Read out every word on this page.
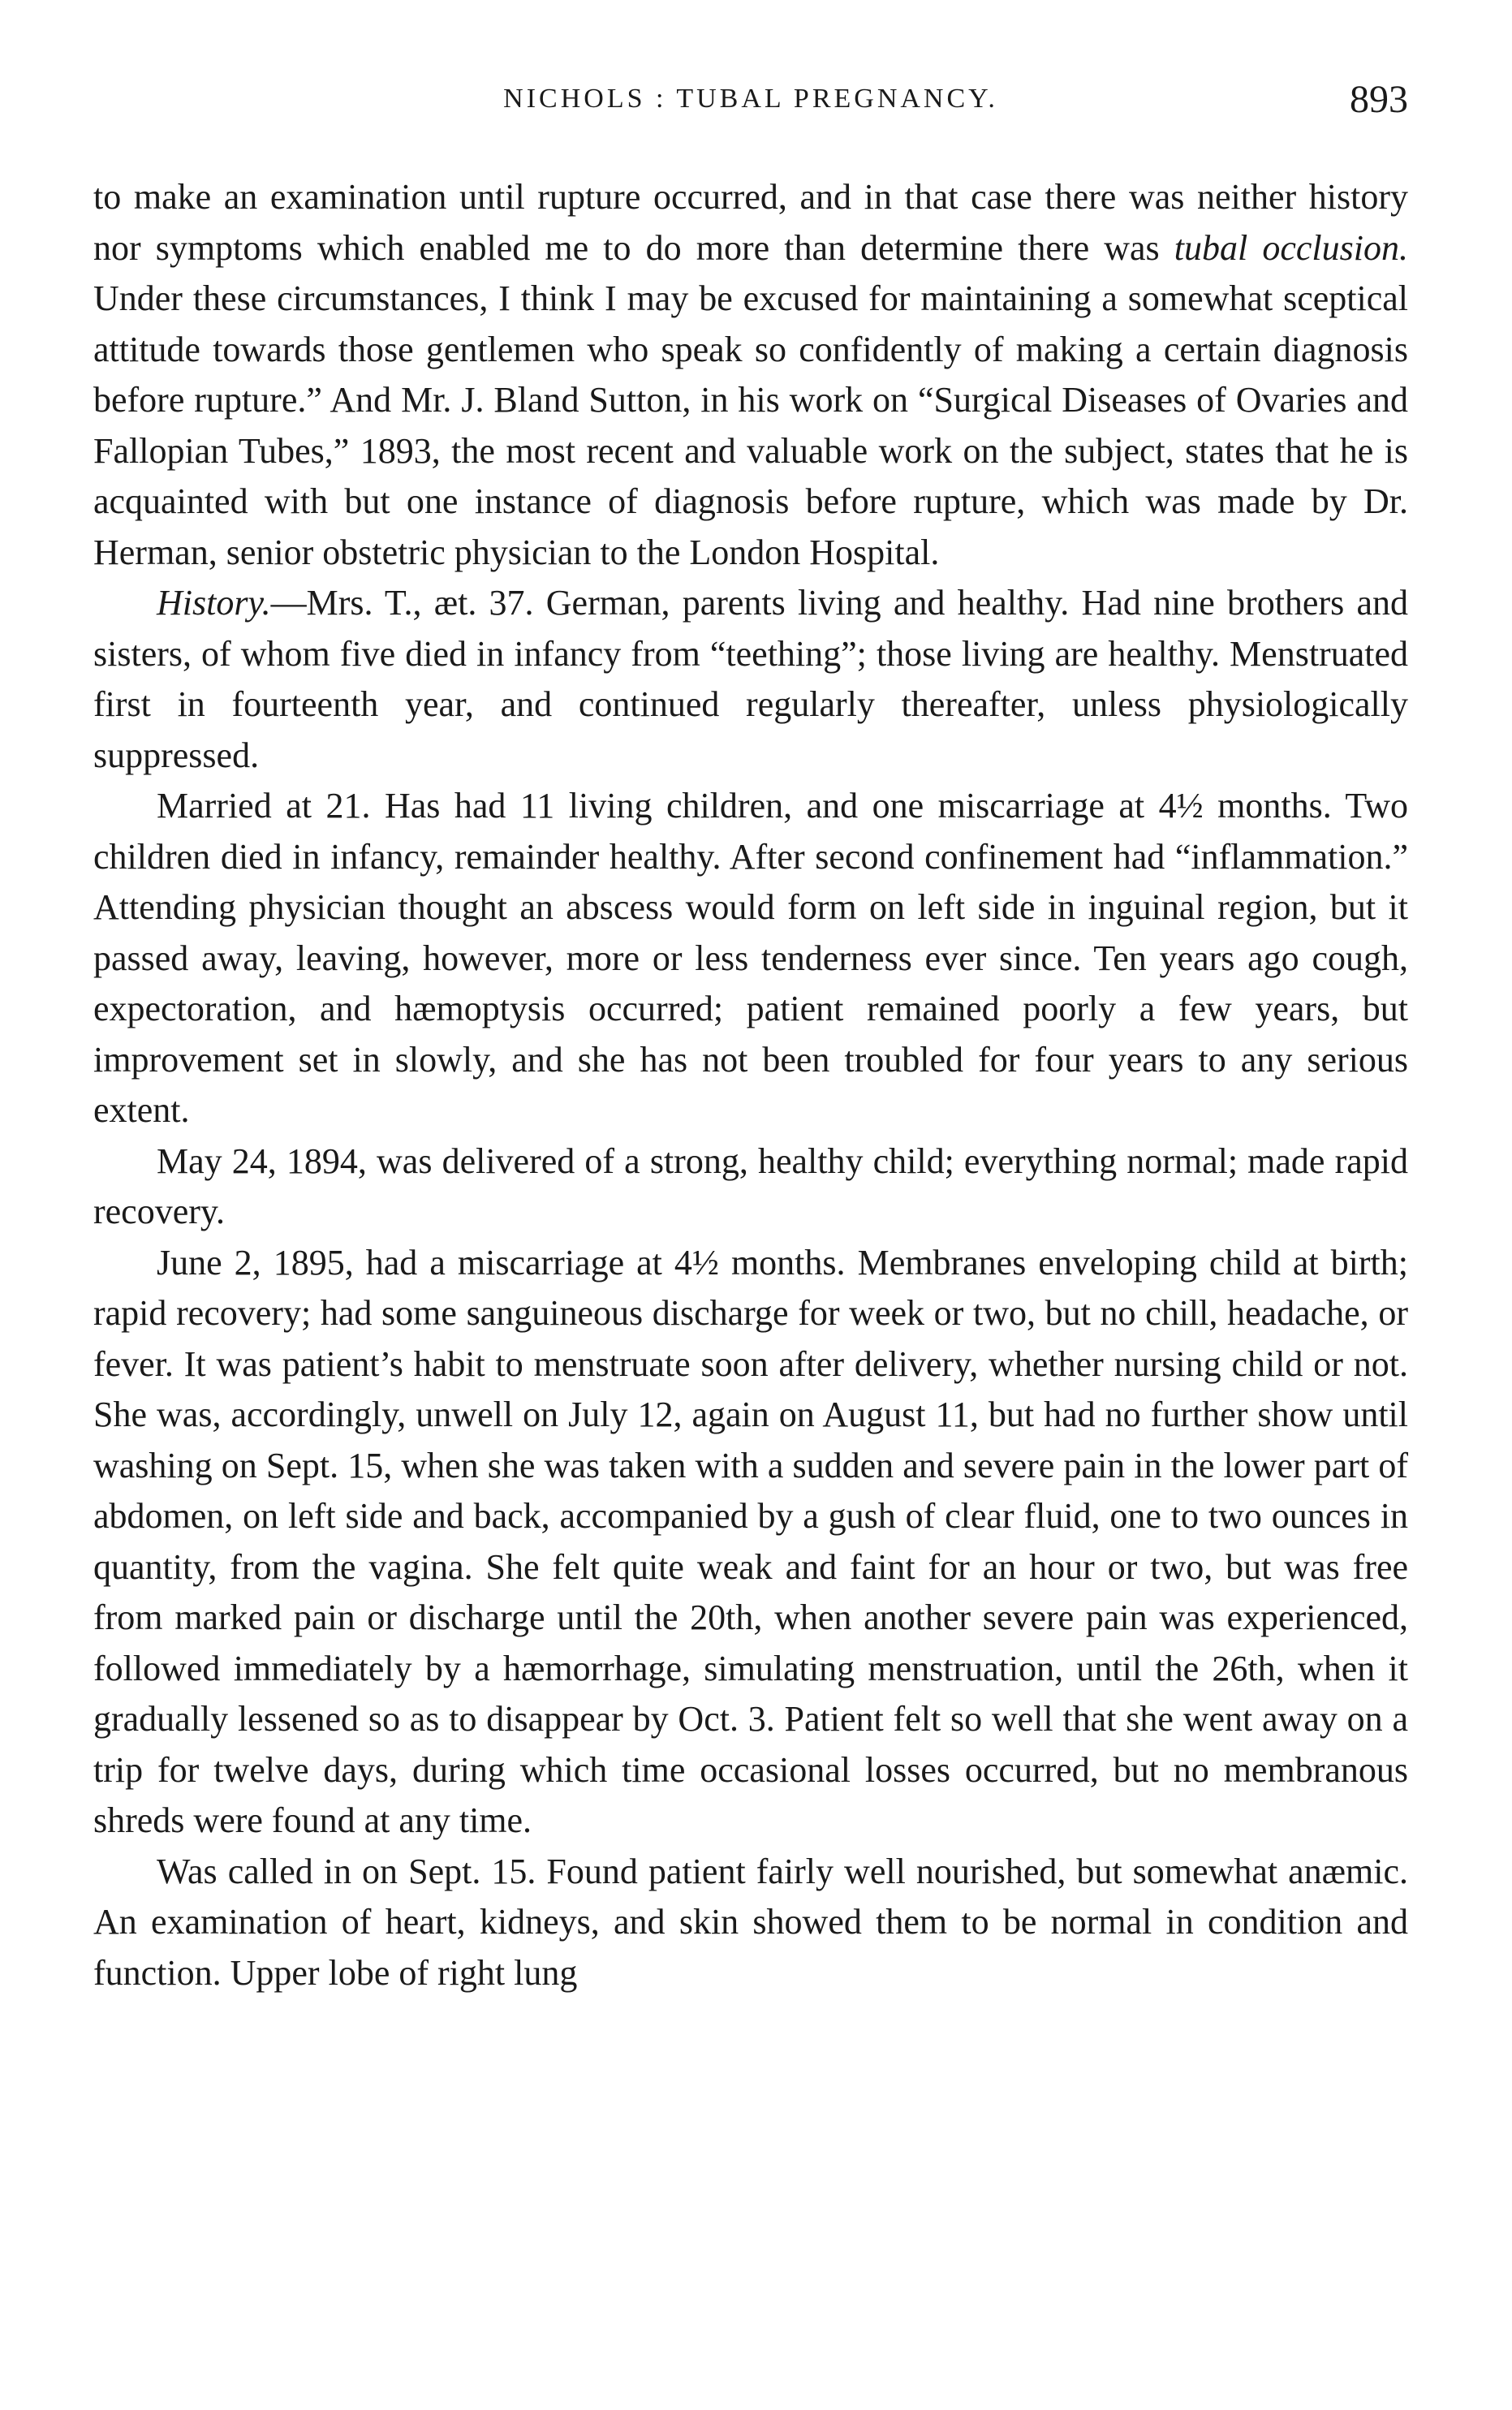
NICHOLS : TUBAL PREGNANCY.	893

to make an examination until rupture occurred, and in that case there was neither history nor symptoms which enabled me to do more than determine there was tubal occlusion. Under these circumstances, I think I may be excused for maintaining a somewhat sceptical attitude towards those gentlemen who speak so confidently of making a certain diagnosis before rupture.” And Mr. J. Bland Sutton, in his work on “Surgical Diseases of Ovaries and Fallopian Tubes,” 1893, the most recent and valuable work on the subject, states that he is acquainted with but one instance of diagnosis before rupture, which was made by Dr. Herman, senior obstetric physician to the London Hospital.

History.—Mrs. T., æt. 37. German, parents living and healthy. Had nine brothers and sisters, of whom five died in infancy from “teething”; those living are healthy. Menstruated first in fourteenth year, and continued regularly thereafter, unless physiologically suppressed.

Married at 21. Has had 11 living children, and one miscarriage at 4½ months. Two children died in infancy, remainder healthy. After second confinement had “inflammation.” Attending physician thought an abscess would form on left side in inguinal region, but it passed away, leaving, however, more or less tenderness ever since. Ten years ago cough, expectoration, and hæmoptysis occurred; patient remained poorly a few years, but improvement set in slowly, and she has not been troubled for four years to any serious extent.

May 24, 1894, was delivered of a strong, healthy child; everything normal; made rapid recovery.

June 2, 1895, had a miscarriage at 4½ months. Membranes enveloping child at birth; rapid recovery; had some sanguineous discharge for week or two, but no chill, headache, or fever. It was patient’s habit to menstruate soon after delivery, whether nursing child or not. She was, accordingly, unwell on July 12, again on August 11, but had no further show until washing on Sept. 15, when she was taken with a sudden and severe pain in the lower part of abdomen, on left side and back, accompanied by a gush of clear fluid, one to two ounces in quantity, from the vagina. She felt quite weak and faint for an hour or two, but was free from marked pain or discharge until the 20th, when another severe pain was experienced, followed immediately by a hæmorrhage, simulating menstruation, until the 26th, when it gradually lessened so as to disappear by Oct. 3. Patient felt so well that she went away on a trip for twelve days, during which time occasional losses occurred, but no membranous shreds were found at any time.

Was called in on Sept. 15. Found patient fairly well nourished, but somewhat anæmic. An examination of heart, kidneys, and skin showed them to be normal in condition and function. Upper lobe of right lung
